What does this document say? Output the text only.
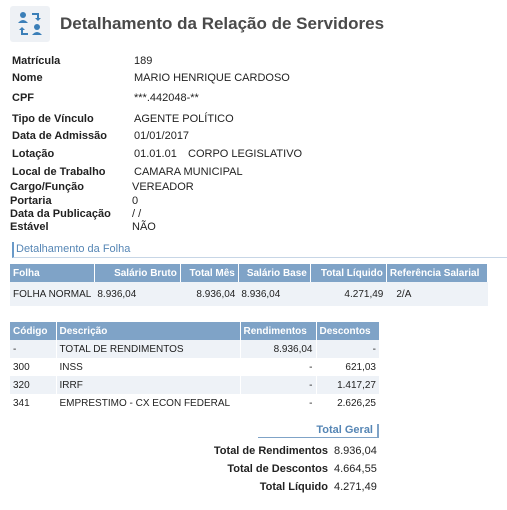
Detalhamento da Relação de Servidores
Matrícula	189
Nome	MARIO HENRIQUE CARDOSO
CPF	***.442048-**
Tipo de Vínculo	AGENTE POLÍTICO
Data de Admissão 01/01/2017
Lotação	01.01.01 CORPO LEGISLATIVO
Local de Trabalho	CAMARA MUNICIPAL
Cargo/Função	VEREADOR
Portaria	0
Data da Publicação / /
Estável	NÃO
Detalhamento da Folha
Folha	Salário Bruto	Total Mês	Salário Base	Total Líquido	Referência Salarial
FOLHA NORMAL	8.936,04	8.936,04	8.936,04	4.271,49	2/A
Código	Descrição	Rendimentos	Descontos
-	TOTAL DE RENDIMENTOS	8.936,04	-
300	INSS	-	621,03
320	IRRF	-	1.417,27
341	EMPRESTIMO - CX ECON FEDERAL	-	2.626,25
Total Geral
Total de Rendimentos 8.936,04
Total de Descontos 4.664,55
Total Líquido 4.271,49
